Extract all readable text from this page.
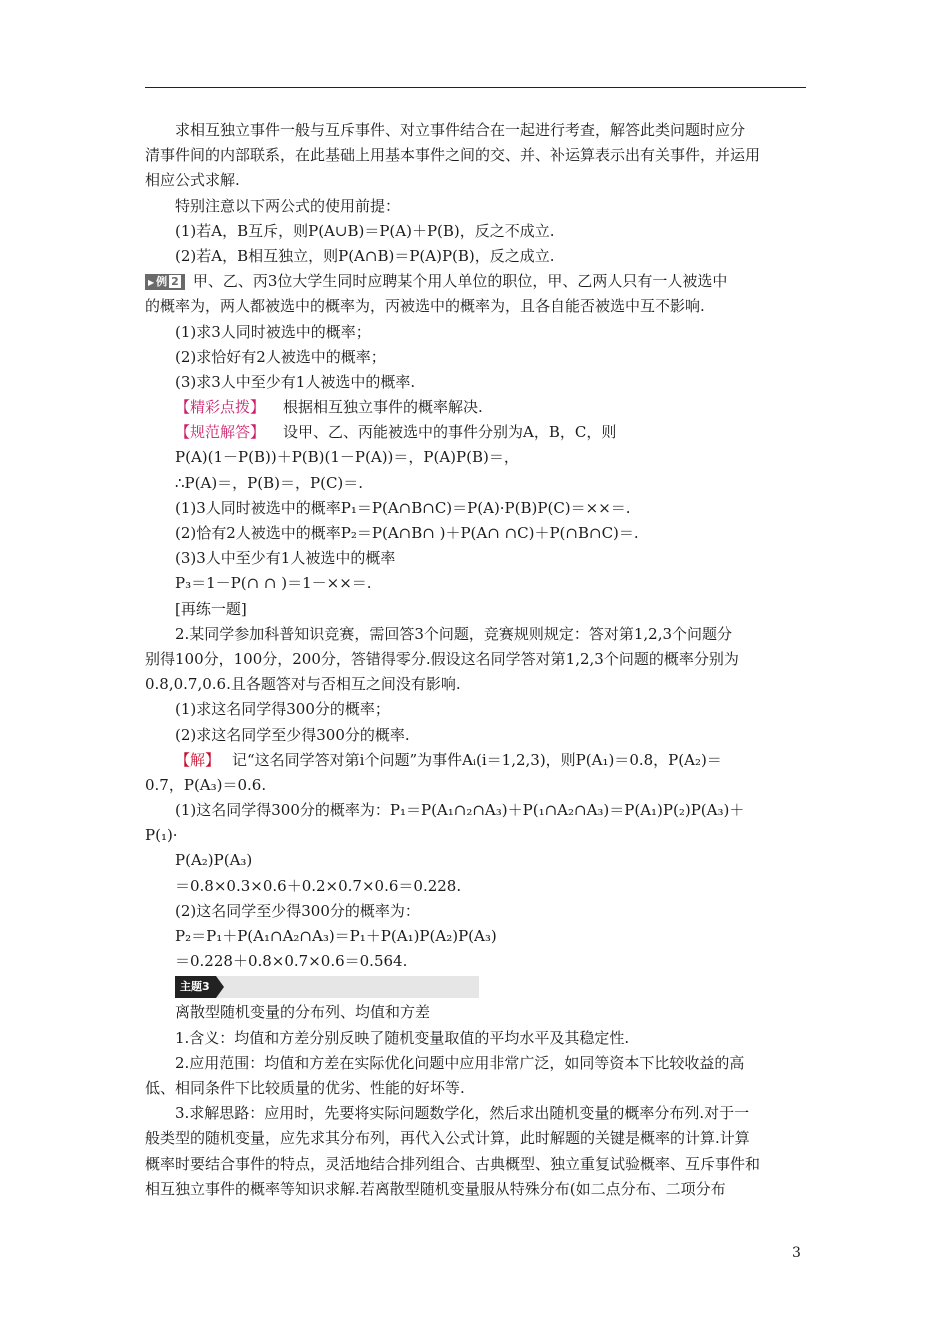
求相互独立事件一般与互斥事件、对立事件结合在一起进行考查，解答此类问题时应分
清事件间的内部联系，在此基础上用基本事件之间的交、并、补运算表示出有关事件，并运用
相应公式求解.
特别注意以下两公式的使用前提：
(1)若A，B互斥，则P(A∪B)＝P(A)＋P(B)，反之不成立.
(2)若A，B相互独立，则P(A∩B)＝P(A)P(B)，反之成立.
▶ 例 2 甲、乙、丙3位大学生同时应聘某个用人单位的职位，甲、乙两人只有一人被选中
的概率为，两人都被选中的概率为，丙被选中的概率为，且各自能否被选中互不影响.
(1)求3人同时被选中的概率；
(2)求恰好有2人被选中的概率；
(3)求3人中至少有1人被选中的概率.
【精彩点拨】 根据相互独立事件的概率解决.
【规范解答】 设甲、乙、丙能被选中的事件分别为A，B，C，则
P(A)(1－P(B))＋P(B)(1－P(A))＝，P(A)P(B)＝，
∴P(A)＝，P(B)＝，P(C)＝.
(1)3人同时被选中的概率P₁＝P(A∩B∩C)＝P(A)·P(B)P(C)＝××＝.
(2)恰有2人被选中的概率P₂＝P(A∩B∩ )＋P(A∩ ∩C)＋P(∩B∩C)＝.
(3)3人中至少有1人被选中的概率
P₃＝1－P(∩ ∩ )＝1－××＝.
[再练一题]
2.某同学参加科普知识竞赛，需回答3个问题，竞赛规则规定：答对第1,2,3个问题分
别得100分，100分，200分，答错得零分.假设这名同学答对第1,2,3个问题的概率分别为
0.8,0.7,0.6.且各题答对与否相互之间没有影响.
(1)求这名同学得300分的概率；
(2)求这名同学至少得300分的概率.
【解】 记“这名同学答对第i个问题”为事件Aᵢ(i＝1,2,3)，则P(A₁)＝0.8，P(A₂)＝
0.7，P(A₃)＝0.6.
(1)这名同学得300分的概率为：P₁＝P(A₁∩₂∩A₃)＋P(₁∩A₂∩A₃)＝P(A₁)P(₂)P(A₃)＋
P(₁)·
P(A₂)P(A₃)
＝0.8×0.3×0.6＋0.2×0.7×0.6＝0.228.
(2)这名同学至少得300分的概率为：
P₂＝P₁＋P(A₁∩A₂∩A₃)＝P₁＋P(A₁)P(A₂)P(A₃)
＝0.228＋0.8×0.7×0.6＝0.564.
主题3
离散型随机变量的分布列、均值和方差
1.含义：均值和方差分别反映了随机变量取值的平均水平及其稳定性.
2.应用范围：均值和方差在实际优化问题中应用非常广泛，如同等资本下比较收益的高
低、相同条件下比较质量的优劣、性能的好坏等.
3.求解思路：应用时，先要将实际问题数学化，然后求出随机变量的概率分布列.对于一
般类型的随机变量，应先求其分布列，再代入公式计算，此时解题的关键是概率的计算.计算
概率时要结合事件的特点，灵活地结合排列组合、古典概型、独立重复试验概率、互斥事件和
相互独立事件的概率等知识求解.若离散型随机变量服从特殊分布(如二点分布、二项分布
3
